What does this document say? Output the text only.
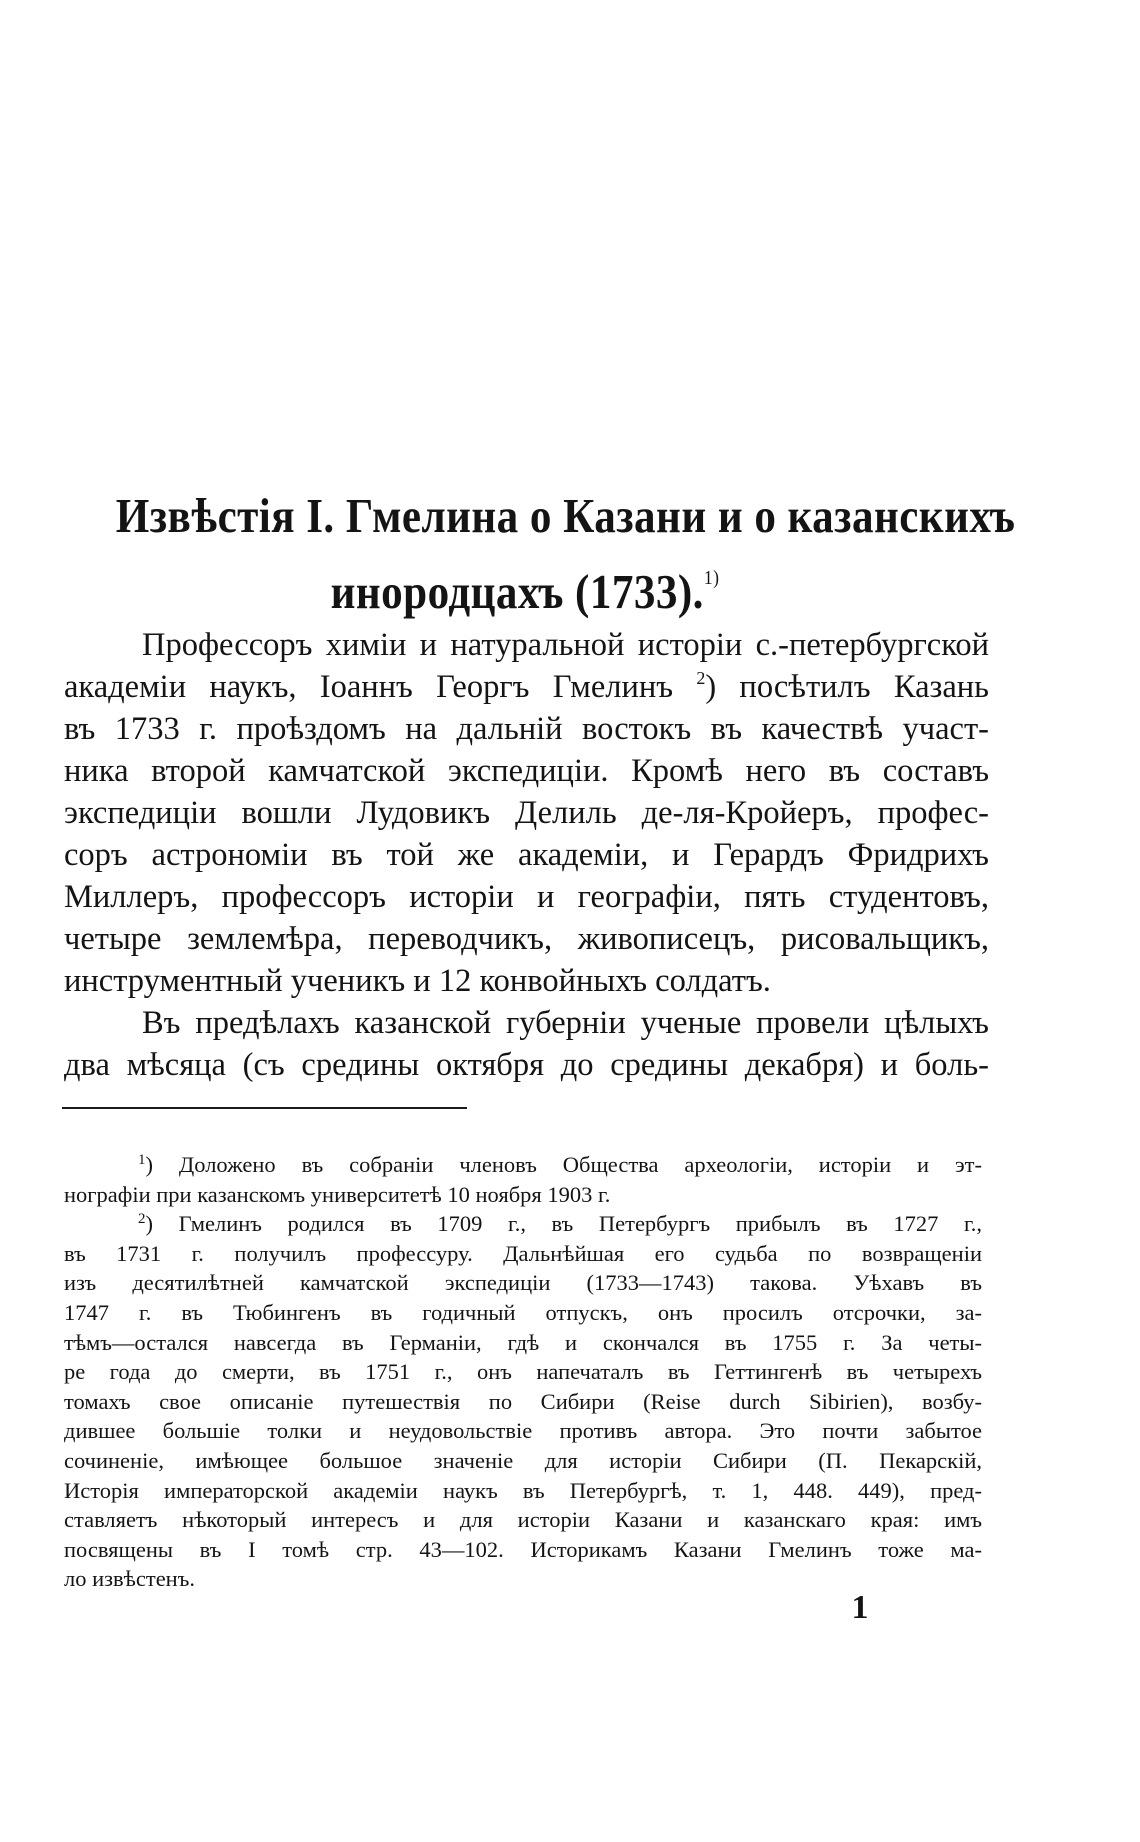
Извѣстія І. Гмелина о Казани и о казанскихъ
инородцахъ (1733).$^{1)}$
Профессоръ химіи и натуральной исторіи с.-петербургской
академіи наукъ, Іоаннъ Георгъ Гмелинъ $^2$) посѣтилъ Казань
въ 1733 г. проѣздомъ на дальній востокъ въ качествѣ участ-
ника второй камчатской экспедиціи. Кромѣ него въ составъ
экспедиціи вошли Лудовикъ Делиль де-ля-Кройеръ, профес-
соръ астрономіи въ той же академіи, и Герардъ Фридрихъ
Миллеръ, профессоръ исторіи и географіи, пять студентовъ,
четыре землемѣра, переводчикъ, живописецъ, рисовальщикъ,
инструментный ученикъ и 12 конвойныхъ солдатъ.
Въ предѣлахъ казанской губерніи ученые провели цѣлыхъ
два мѣсяца (съ средины октября до средины декабря) и боль-
$^1$) Доложено въ собраніи членовъ Общества археологіи, исторіи и эт-
нографіи при казанскомъ университетѣ 10 ноября 1903 г.
$^2$) Гмелинъ родился въ 1709 г., въ Петербургъ прибылъ въ 1727 г.,
въ 1731 г. получилъ профессуру. Дальнѣйшая его судьба по возвращеніи
изъ десятилѣтней камчатской экспедиціи (1733—1743) такова. Уѣхавъ въ
1747 г. въ Тюбингенъ въ годичный отпускъ, онъ просилъ отсрочки, за-
тѣмъ—остался навсегда въ Германіи, гдѣ и скончался въ 1755 г. За четы-
ре года до смерти, въ 1751 г., онъ напечаталъ въ Геттингенѣ въ четырехъ
томахъ свое описаніе путешествія по Сибири (Reise durch Sibirien), возбу-
дившее большіе толки и неудовольствіе противъ автора. Это почти забытое
сочиненіе, имѣющее большое значеніе для исторіи Сибири (П. Пекарскій,
Исторія императорской академіи наукъ въ Петербургѣ, т. 1, 448. 449), пред-
ставляетъ нѣкоторый интересъ и для исторіи Казани и казанскаго края: имъ
посвящены въ I томѣ стр. 43—102. Историкамъ Казани Гмелинъ тоже ма-
ло извѣстенъ.
1
